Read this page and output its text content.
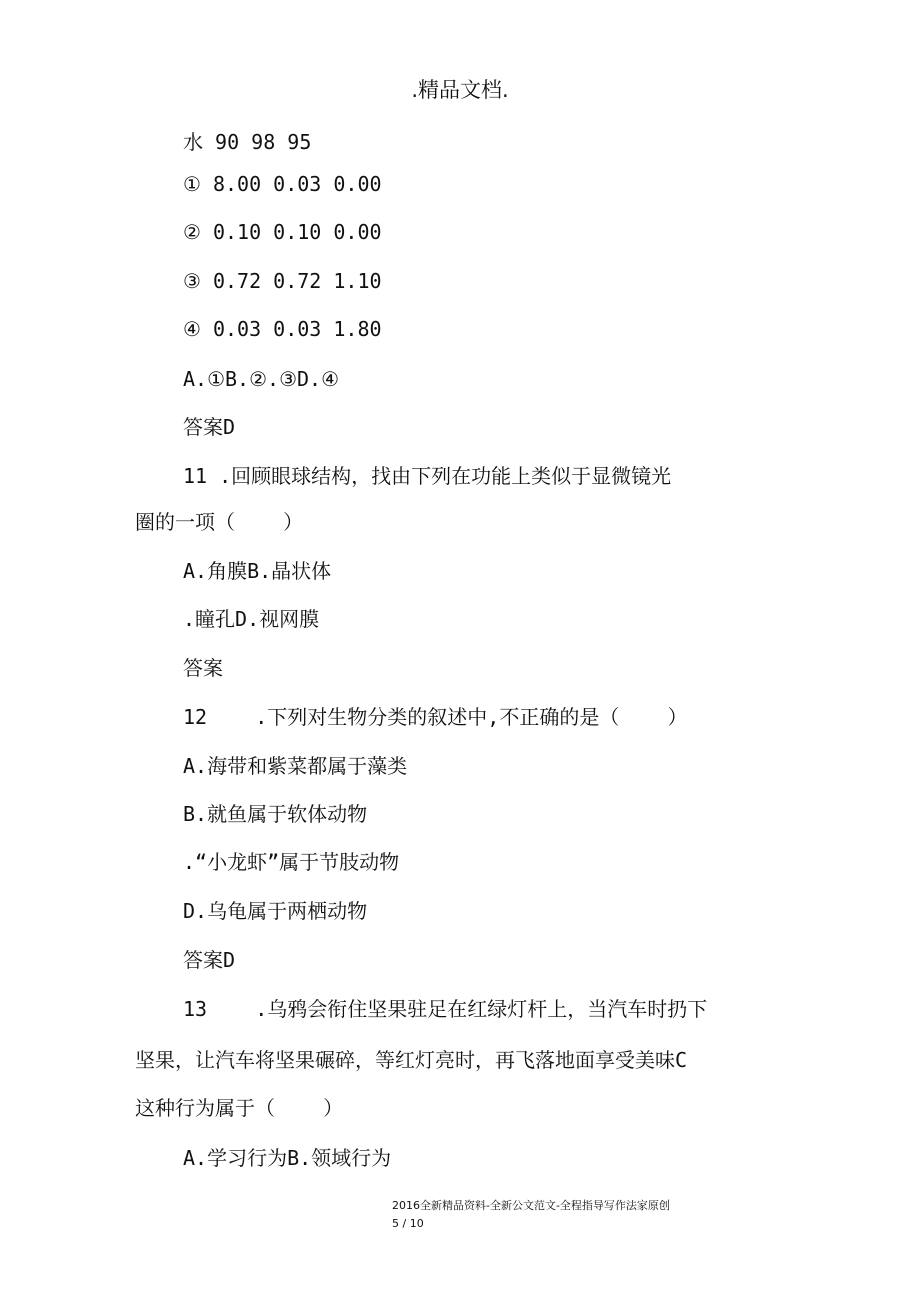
.精品文档.
水 90 98 95
① 8.00 0.03 0.00
② 0.10 0.10 0.00
③ 0.72 0.72 1.10
④ 0.03 0.03 1.80
A.①B.②.③D.④
答案D
11 .回顾眼球结构，找由下列在功能上类似于显微镜光
圈的一项（    ）
A.角膜B.晶状体
.瞳孔D.视网膜
答案
12    .下列对生物分类的叙述中,不正确的是（    ）
A.海带和紫菜都属于藻类
B.就鱼属于软体动物
.“小龙虾”属于节肢动物
D.乌龟属于两栖动物
答案D
13    .乌鸦会衔住坚果驻足在红绿灯杆上，当汽车时扔下
坚果，让汽车将坚果碾碎，等红灯亮时，再飞落地面享受美味C
这种行为属于（    ）
A.学习行为B.领域行为
2016全新精品资料-全新公文范文-全程指导写作法家原创
5 / 10
